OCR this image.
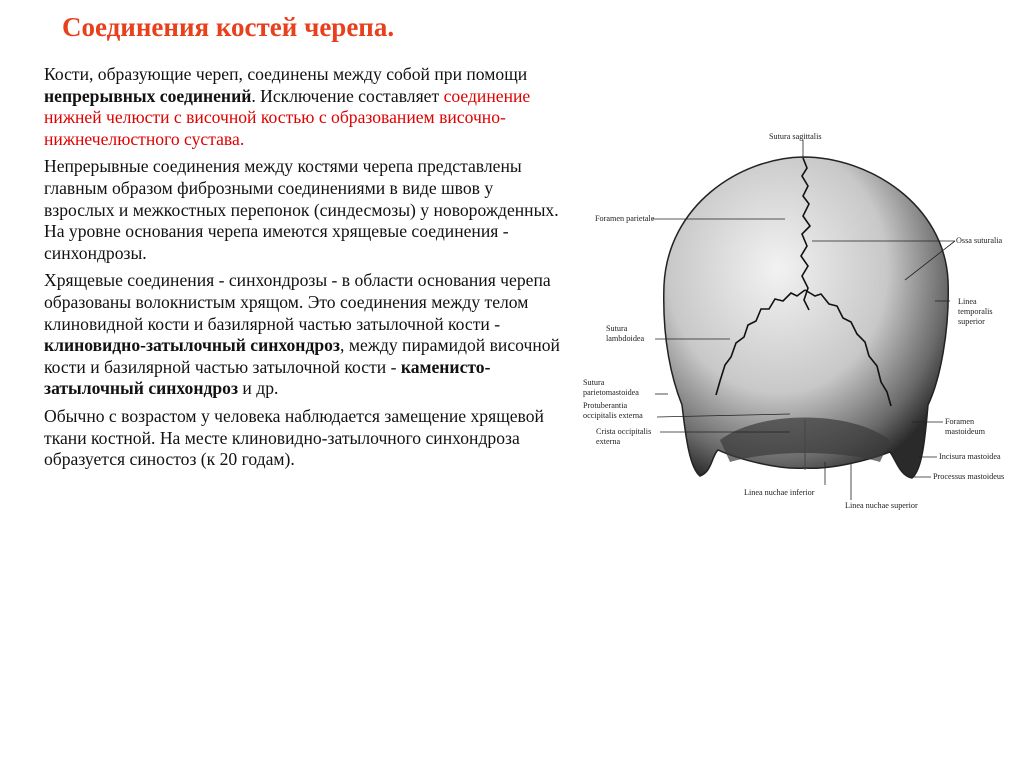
Соединения костей черепа.

Кости, образующие череп, соединены между собой при помощи непрерывных соединений. Исключение составляет соединение нижней челюсти с височной костью с образованием височно-нижнечелюстного сустава.

Непрерывные соединения между костями черепа представлены главным образом фиброзными соединениями в виде швов у взрослых и межкостных перепонок (синдесмозы) у новорожденных. На уровне основания черепа имеются хрящевые соединения - синхондрозы.

Хрящевые соединения - синхондрозы - в области основания черепа образованы волокнистым хрящом. Это соединения между телом клиновидной кости и базилярной частью затылочной кости - клиновидно-затылочный синхондроз, между пирамидой височной кости и базилярной частью затылочной кости - каменисто-затылочный синхондроз и др.

Обычно с возрастом у человека наблюдается замещение хрящевой ткани костной. На месте клиновидно-затылочного синхондроза образуется синостоз (к 20 годам).

Sutura sagittalis
Foramen parietale
Ossa suturalia
Linea
temporalis
superior
Sutura
lambdoidea
Sutura
parietomastoidea
Protuberantia
occipitalis externa
Crista occipitalis
externa
Foramen
mastoideum
Incisura mastoidea
Processus mastoideus
Linea nuchae inferior
Linea nuchae superior
